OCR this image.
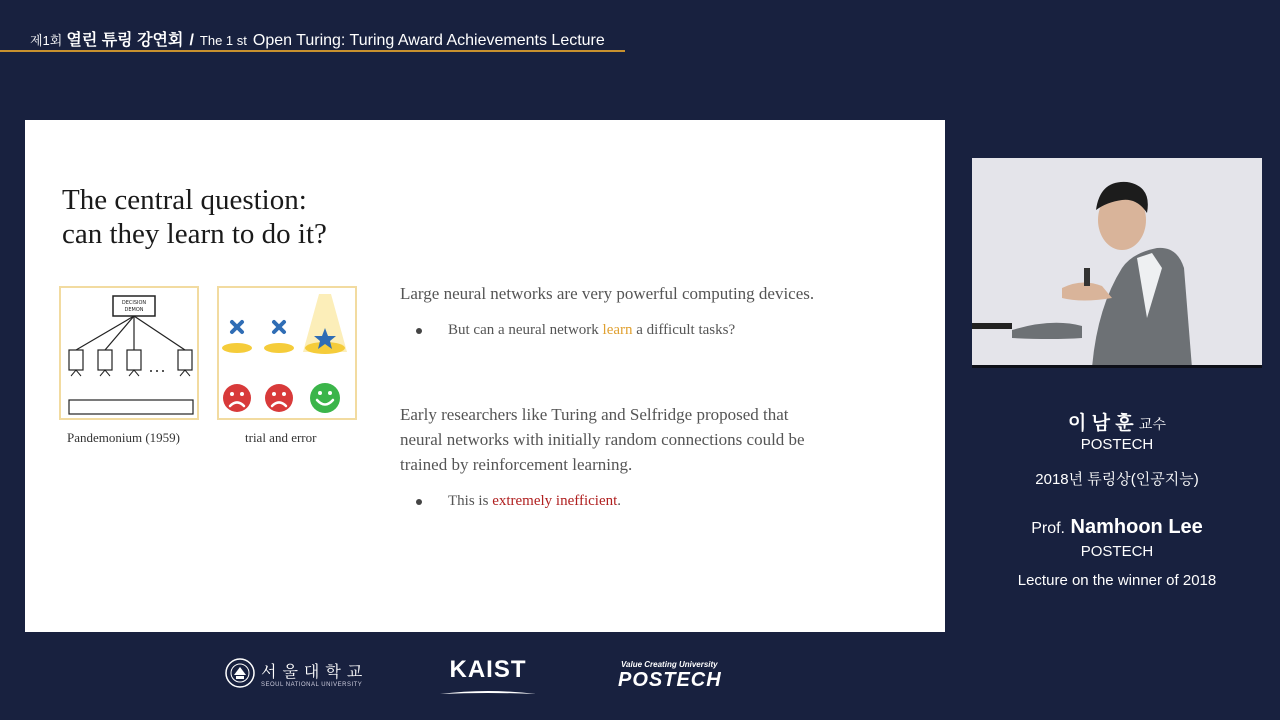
제1회 열린 튜링 강연회 / The 1 st Open Turing: Turing Award Achievements Lecture
The central question:
can they learn to do it?
DECISION
DEMON
Pandemonium (1959)	trial and error
Large neural networks are very powerful computing devices.
But can a neural network
learn
a difficult tasks?
Early researchers like Turing and Selfridge proposed that
neural networks with initially random connections could be
trained by reinforcement learning.
This is
extremely inefficient .
이 남 훈 교수
POSTECH
2018년 튜링상(인공지능)
Prof. Namhoon Lee
POSTECH
Lecture on the winner of 2018
서울대학교
SEOUL NATIONAL UNIVERSITY
KAIST	Value Creating University
POSTECH
